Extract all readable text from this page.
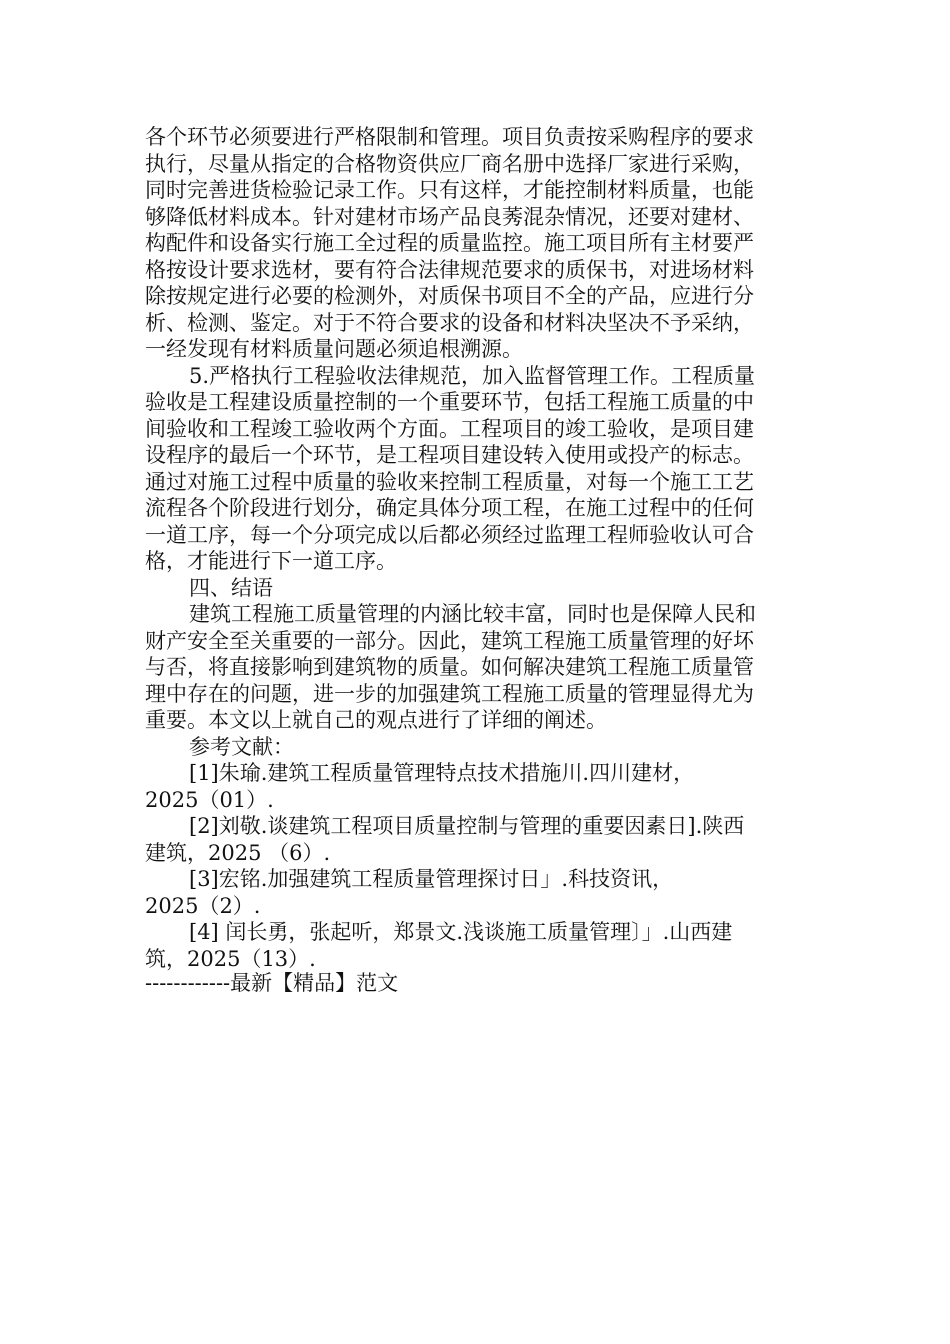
各个环节必须要进行严格限制和管理。项目负责按采购程序的要求
执行，尽量从指定的合格物资供应厂商名册中选择厂家进行采购，
同时完善进货检验记录工作。只有这样，才能控制材料质量，也能
够降低材料成本。针对建材市场产品良莠混杂情况，还要对建材、
构配件和设备实行施工全过程的质量监控。施工项目所有主材要严
格按设计要求选材，要有符合法律规范要求的质保书，对进场材料
除按规定进行必要的检测外，对质保书项目不全的产品，应进行分
析、检测、鉴定。对于不符合要求的设备和材料决坚决不予采纳，
一经发现有材料质量问题必须追根溯源。
5.严格执行工程验收法律规范，加入监督管理工作。工程质量
验收是工程建设质量控制的一个重要环节，包括工程施工质量的中
间验收和工程竣工验收两个方面。工程项目的竣工验收，是项目建
设程序的最后一个环节，是工程项目建设转入使用或投产的标志。
通过对施工过程中质量的验收来控制工程质量，对每一个施工工艺
流程各个阶段进行划分，确定具体分项工程，在施工过程中的任何
一道工序，每一个分项完成以后都必须经过监理工程师验收认可合
格，才能进行下一道工序。
四、结语
建筑工程施工质量管理的内涵比较丰富，同时也是保障人民和
财产安全至关重要的一部分。因此，建筑工程施工质量管理的好坏
与否，将直接影响到建筑物的质量。如何解决建筑工程施工质量管
理中存在的问题，进一步的加强建筑工程施工质量的管理显得尤为
重要。本文以上就自己的观点进行了详细的阐述。
参考文献：
[1]朱瑜.建筑工程质量管理特点技术措施川.四川建材，
2025（01）.
[2]刘敬.谈建筑工程项目质量控制与管理的重要因素日].陕西
建筑，2025 （6）.
[3]宏铭.加强建筑工程质量管理探讨日」.科技资讯，
2025（2）.
[4] 闰长勇，张起听，郑景文.浅谈施工质量管理〕」.山西建
筑，2025（13）.
------------最新【精品】范文
